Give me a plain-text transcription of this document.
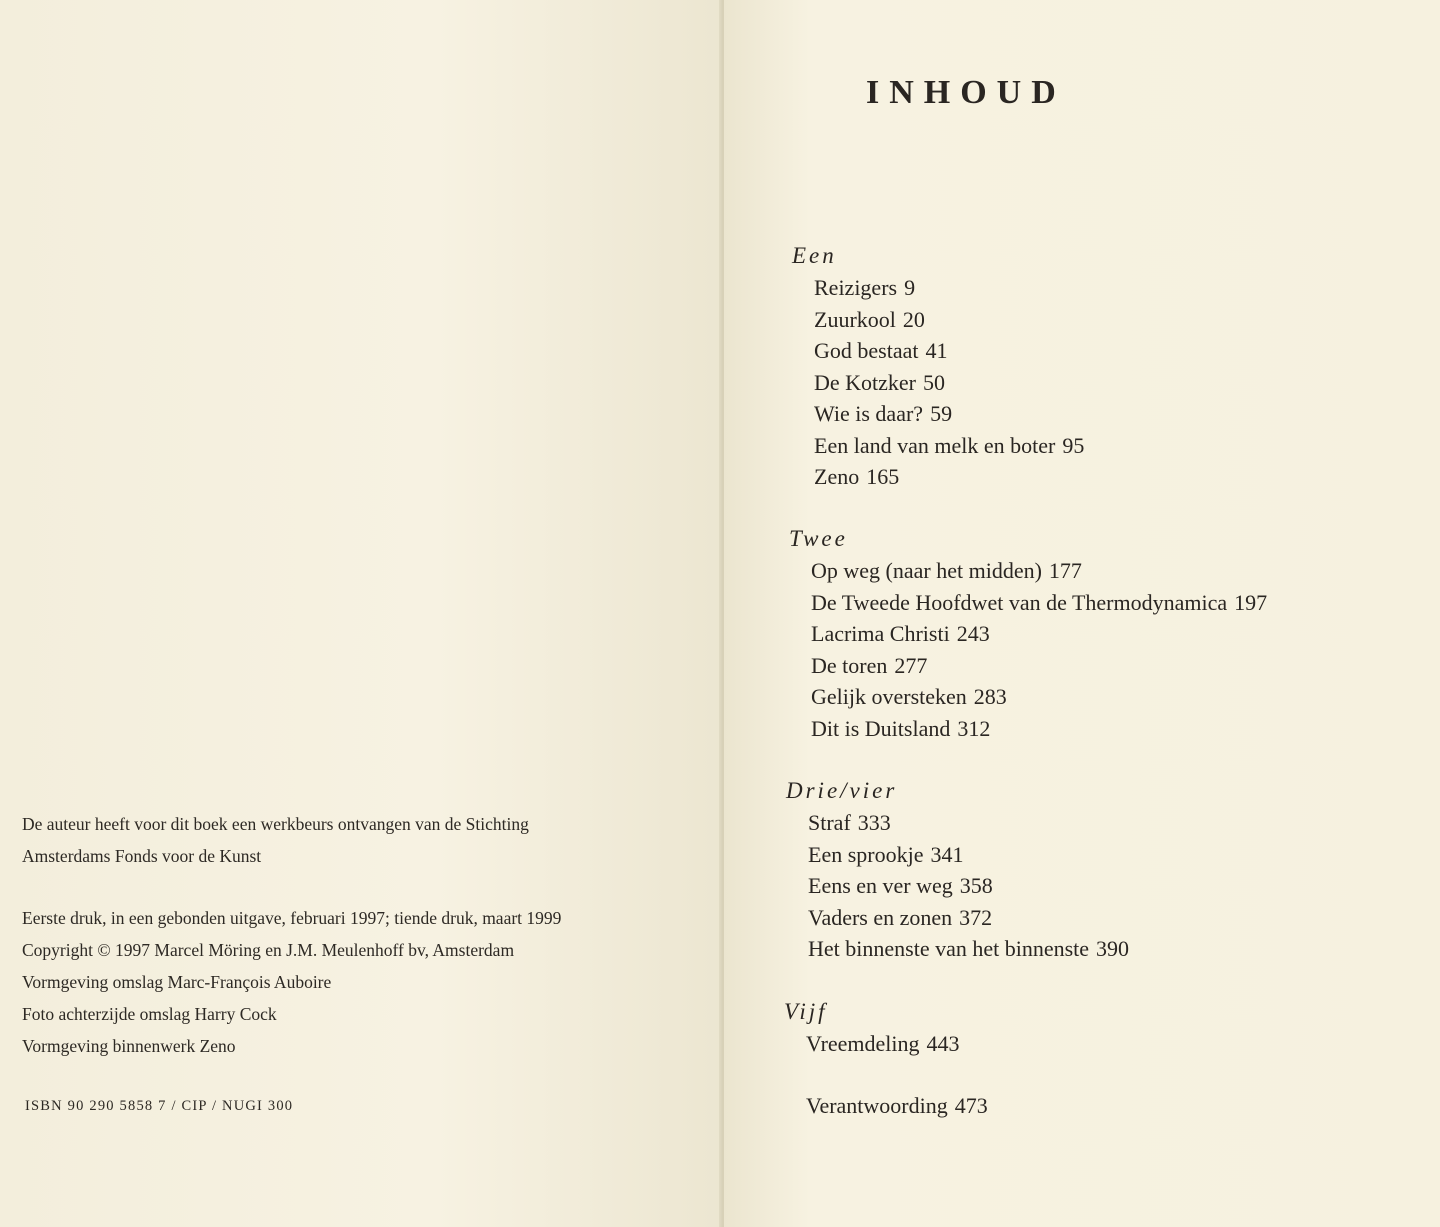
De auteur heeft voor dit boek een werkbeurs ontvangen van de Stichting
Amsterdams Fonds voor de Kunst
Eerste druk, in een gebonden uitgave, februari 1997; tiende druk, maart 1999
Copyright © 1997 Marcel Möring en J.M. Meulenhoff bv, Amsterdam
Vormgeving omslag Marc-François Auboire
Foto achterzijde omslag Harry Cock
Vormgeving binnenwerk Zeno
ISBN 90 290 5858 7 / CIP / NUGI 300
INHOUD
Een
Reizigers 9
Zuurkool 20
God bestaat 41
De Kotzker 50
Wie is daar? 59
Een land van melk en boter 95
Zeno 165
Twee
Op weg (naar het midden) 177
De Tweede Hoofdwet van de Thermodynamica 197
Lacrima Christi 243
De toren 277
Gelijk oversteken 283
Dit is Duitsland 312
Drie/vier
Straf 333
Een sprookje 341
Eens en ver weg 358
Vaders en zonen 372
Het binnenste van het binnenste 390
Vijf
Vreemdeling 443
Verantwoording 473
